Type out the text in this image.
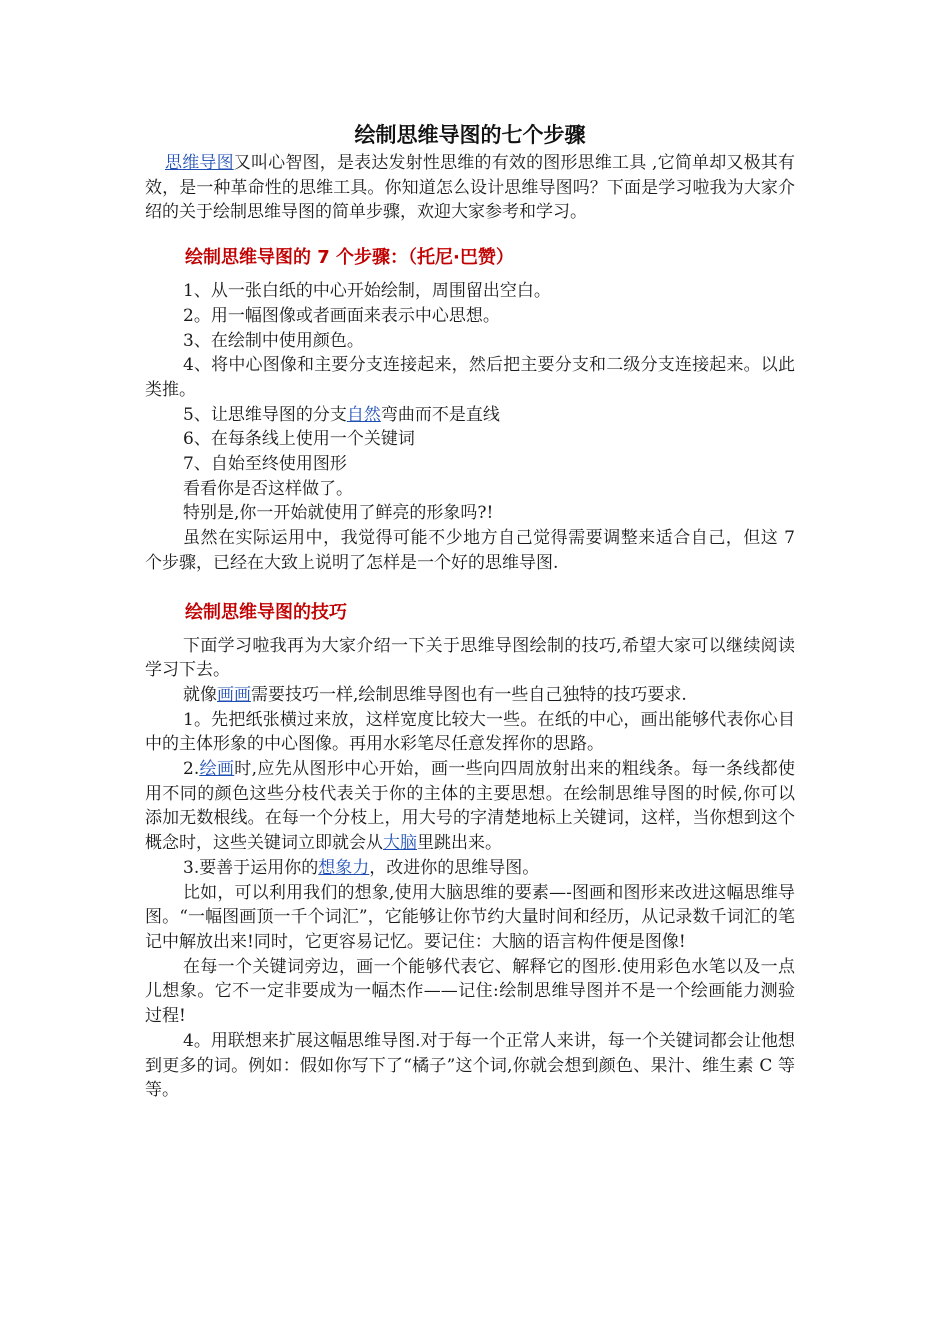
绘制思维导图的七个步骤

思维导图又叫心智图，是表达发射性思维的有效的图形思维工具 ,它简单却又极其有效，是一种革命性的思维工具。你知道怎么设计思维导图吗？下面是学习啦我为大家介绍的关于绘制思维导图的简单步骤，欢迎大家参考和学习。

绘制思维导图的 7 个步骤：（托尼·巴赞）

1、从一张白纸的中心开始绘制，周围留出空白。

2。用一幅图像或者画面来表示中心思想。

3、在绘制中使用颜色。

4、将中心图像和主要分支连接起来，然后把主要分支和二级分支连接起来。以此类推。

5、让思维导图的分支自然弯曲而不是直线

6、在每条线上使用一个关键词

7、自始至终使用图形

看看你是否这样做了。

特别是,你一开始就使用了鲜亮的形象吗?!

虽然在实际运用中，我觉得可能不少地方自己觉得需要调整来适合自己，但这 7 个步骤，已经在大致上说明了怎样是一个好的思维导图.

绘制思维导图的技巧

下面学习啦我再为大家介绍一下关于思维导图绘制的技巧,希望大家可以继续阅读学习下去。

就像画画需要技巧一样,绘制思维导图也有一些自己独特的技巧要求.

1。先把纸张横过来放，这样宽度比较大一些。在纸的中心，画出能够代表你心目中的主体形象的中心图像。再用水彩笔尽任意发挥你的思路。

2.绘画时,应先从图形中心开始，画一些向四周放射出来的粗线条。每一条线都使用不同的颜色这些分枝代表关于你的主体的主要思想。在绘制思维导图的时候,你可以添加无数根线。在每一个分枝上，用大号的字清楚地标上关键词，这样，当你想到这个概念时，这些关键词立即就会从大脑里跳出来。

3.要善于运用你的想象力，改进你的思维导图。

比如，可以利用我们的想象,使用大脑思维的要素—-图画和图形来改进这幅思维导图。“一幅图画顶一千个词汇”，它能够让你节约大量时间和经历，从记录数千词汇的笔记中解放出来!同时，它更容易记忆。要记住：大脑的语言构件便是图像!

在每一个关键词旁边，画一个能够代表它、解释它的图形.使用彩色水笔以及一点儿想象。它不一定非要成为一幅杰作——记住:绘制思维导图并不是一个绘画能力测验过程!

4。用联想来扩展这幅思维导图.对于每一个正常人来讲，每一个关键词都会让他想到更多的词。例如：假如你写下了“橘子”这个词,你就会想到颜色、果汁、维生素 C 等等。
